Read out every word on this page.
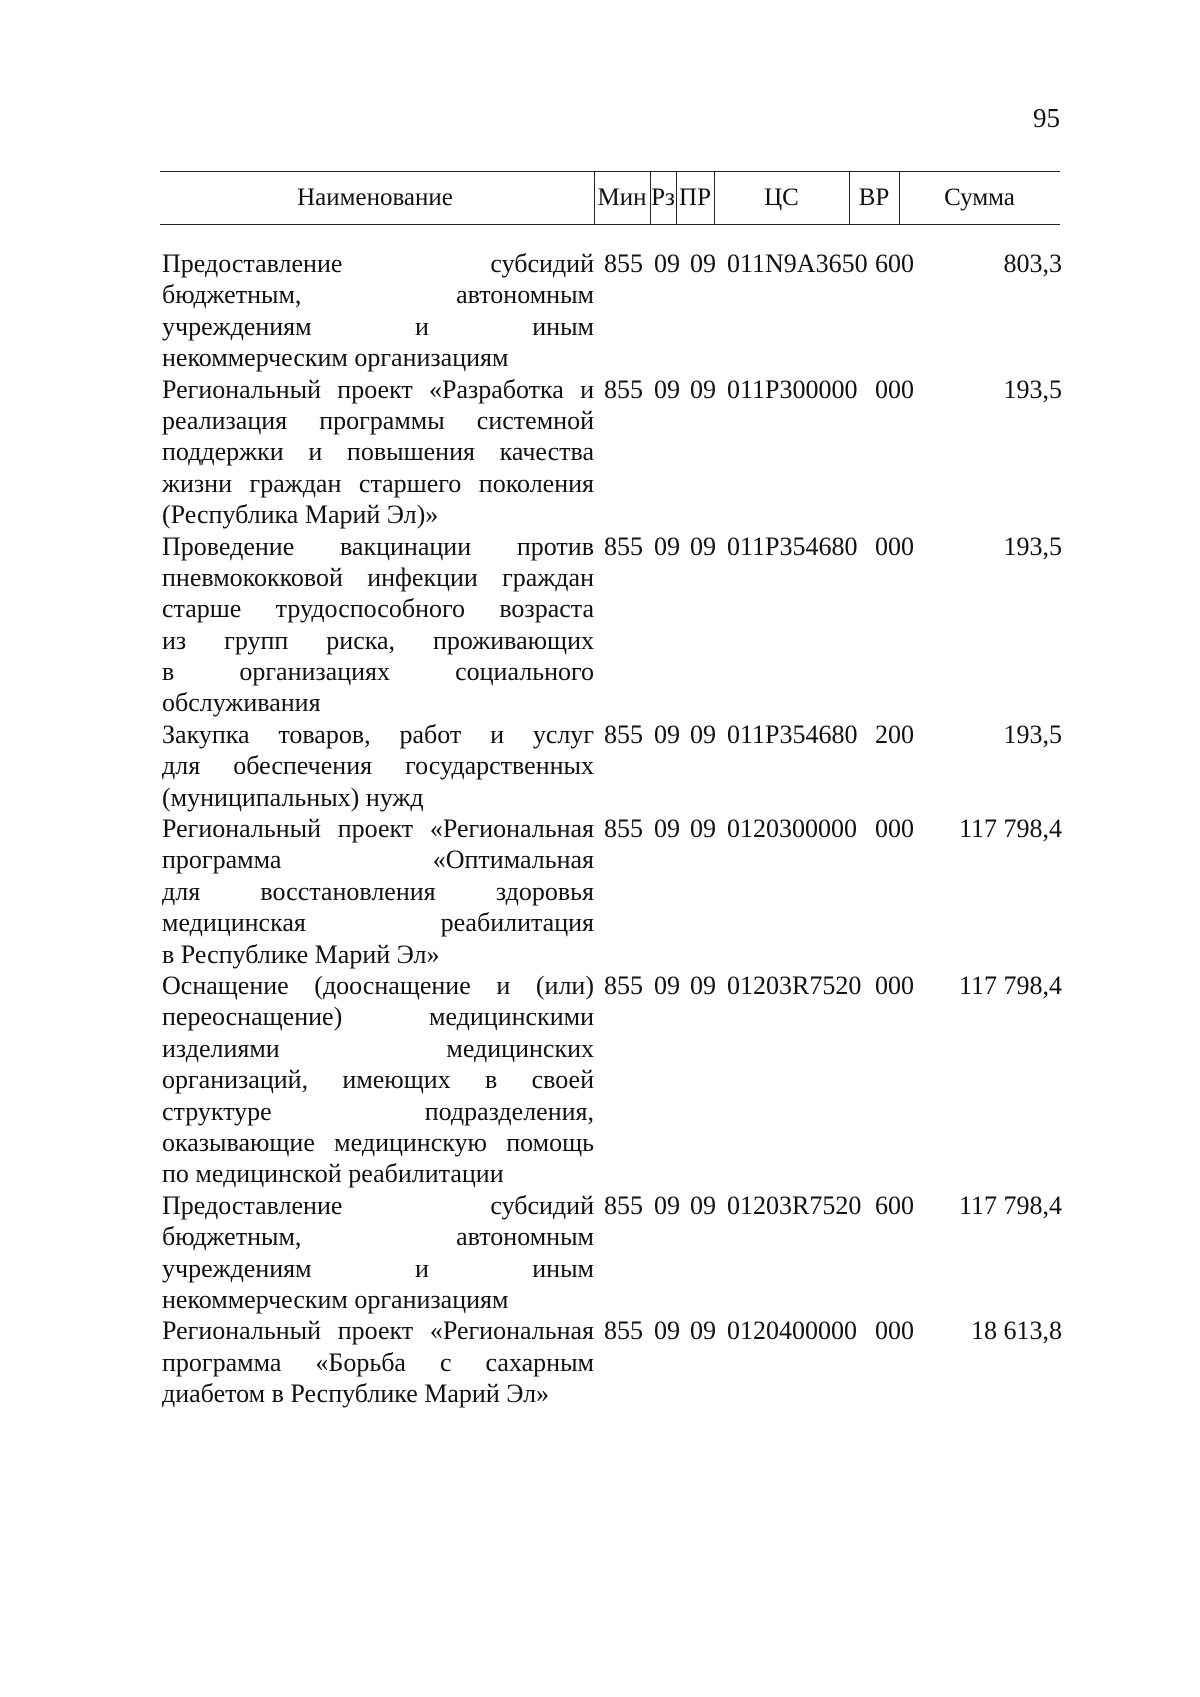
95
Наименование	Мин Рз ПР	ЦС	ВР	Сумма
Предоставление субсидий
бюджетным, автономным
учреждениям и иным
некоммерческим организациям
855 09 09 011N9A3650 600	803,3
Региональный проект «Разработка и
реализация программы системной
поддержки и повышения качества
жизни граждан старшего поколения
(Республика Марий Эл)»
855 09 09 011P300000 000	193,5
Проведение вакцинации против
пневмококковой инфекции граждан
старше трудоспособного возраста
из групп риска, проживающих
в организациях социального
обслуживания
855 09 09 011P354680 000	193,5
Закупка товаров, работ и услуг
для обеспечения государственных
(муниципальных) нужд
855 09 09 011P354680 200	193,5
Региональный проект «Региональная
программа «Оптимальная
для восстановления здоровья
медицинская реабилитация
в Республике Марий Эл»
855 09 09 0120300000 000	117 798,4
Оснащение (дооснащение и (или)
переоснащение) медицинскими
изделиями медицинских
организаций, имеющих в своей
структуре подразделения,
оказывающие медицинскую помощь
по медицинской реабилитации
855 09 09 01203R7520 000	117 798,4
Предоставление субсидий
бюджетным, автономным
учреждениям и иным
некоммерческим организациям
855 09 09 01203R7520 600	117 798,4
Региональный проект «Региональная
программа «Борьба с сахарным
диабетом в Республике Марий Эл»
855 09 09 0120400000 000	18 613,8
